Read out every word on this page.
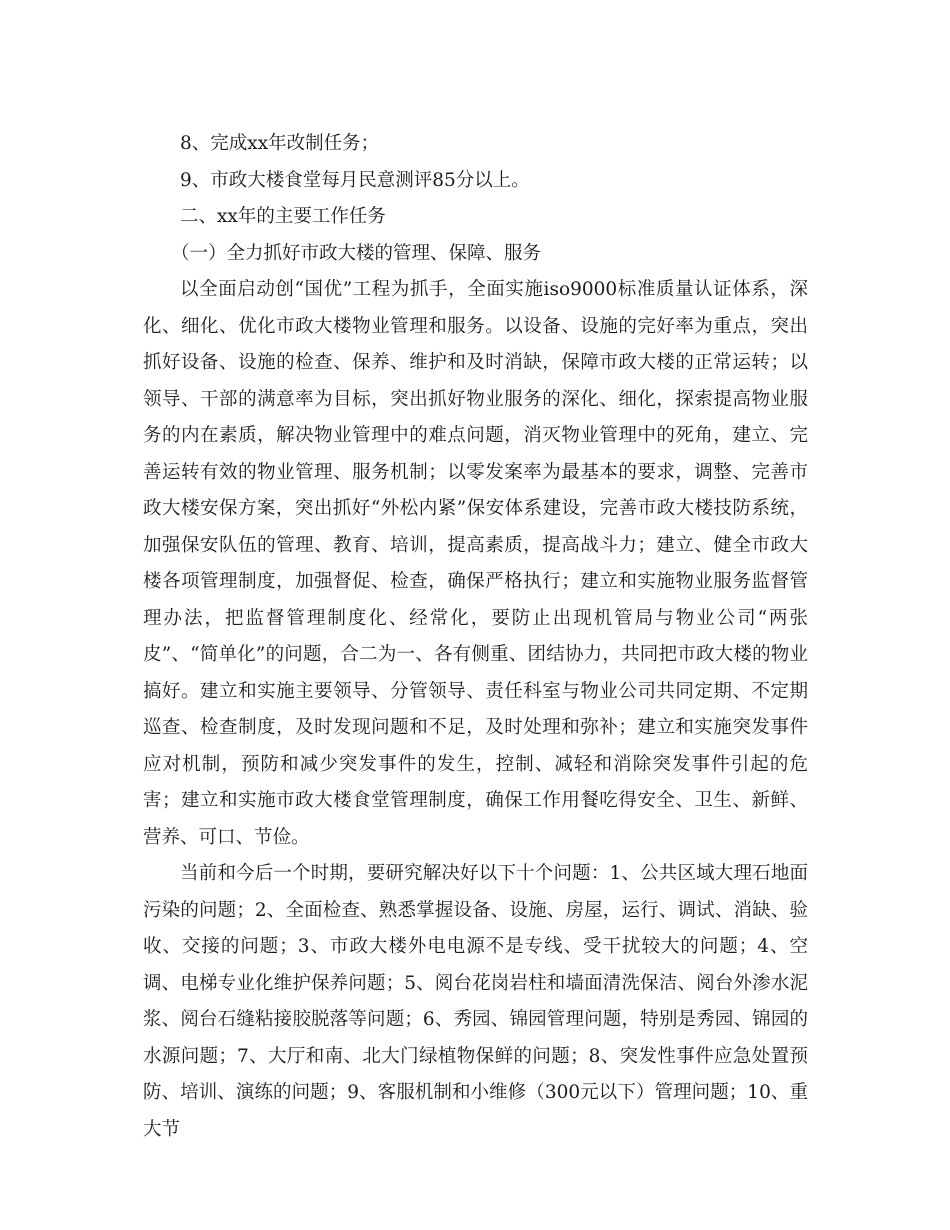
8、完成xx年改制任务；

9、市政大楼食堂每月民意测评85分以上。

二、xx年的主要工作任务

（一）全力抓好市政大楼的管理、保障、服务

以全面启动创“国优”工程为抓手，全面实施iso9000标准质量认证体系，深化、细化、优化市政大楼物业管理和服务。以设备、设施的完好率为重点，突出抓好设备、设施的检查、保养、维护和及时消缺，保障市政大楼的正常运转；以领导、干部的满意率为目标，突出抓好物业服务的深化、细化，探索提高物业服务的内在素质，解决物业管理中的难点问题，消灭物业管理中的死角，建立、完善运转有效的物业管理、服务机制；以零发案率为最基本的要求，调整、完善市政大楼安保方案，突出抓好“外松内紧”保安体系建设，完善市政大楼技防系统，加强保安队伍的管理、教育、培训，提高素质，提高战斗力；建立、健全市政大楼各项管理制度，加强督促、检查，确保严格执行；建立和实施物业服务监督管理办法，把监督管理制度化、经常化，要防止出现机管局与物业公司“两张皮”、“简单化”的问题，合二为一、各有侧重、团结协力，共同把市政大楼的物业搞好。建立和实施主要领导、分管领导、责任科室与物业公司共同定期、不定期巡查、检查制度，及时发现问题和不足，及时处理和弥补；建立和实施突发事件应对机制，预防和减少突发事件的发生，控制、减轻和消除突发事件引起的危害；建立和实施市政大楼食堂管理制度，确保工作用餐吃得安全、卫生、新鲜、营养、可口、节俭。

当前和今后一个时期，要研究解决好以下十个问题：1、公共区域大理石地面污染的问题；2、全面检查、熟悉掌握设备、设施、房屋，运行、调试、消缺、验收、交接的问题；3、市政大楼外电电源不是专线、受干扰较大的问题；4、空调、电梯专业化维护保养问题；5、阅台花岗岩柱和墙面清洗保洁、阅台外渗水泥浆、阅台石缝粘接胶脱落等问题；6、秀园、锦园管理问题，特别是秀园、锦园的水源问题；7、大厅和南、北大门绿植物保鲜的问题；8、突发性事件应急处置预防、培训、演练的问题；9、客服机制和小维修（300元以下）管理问题；10、重大节
